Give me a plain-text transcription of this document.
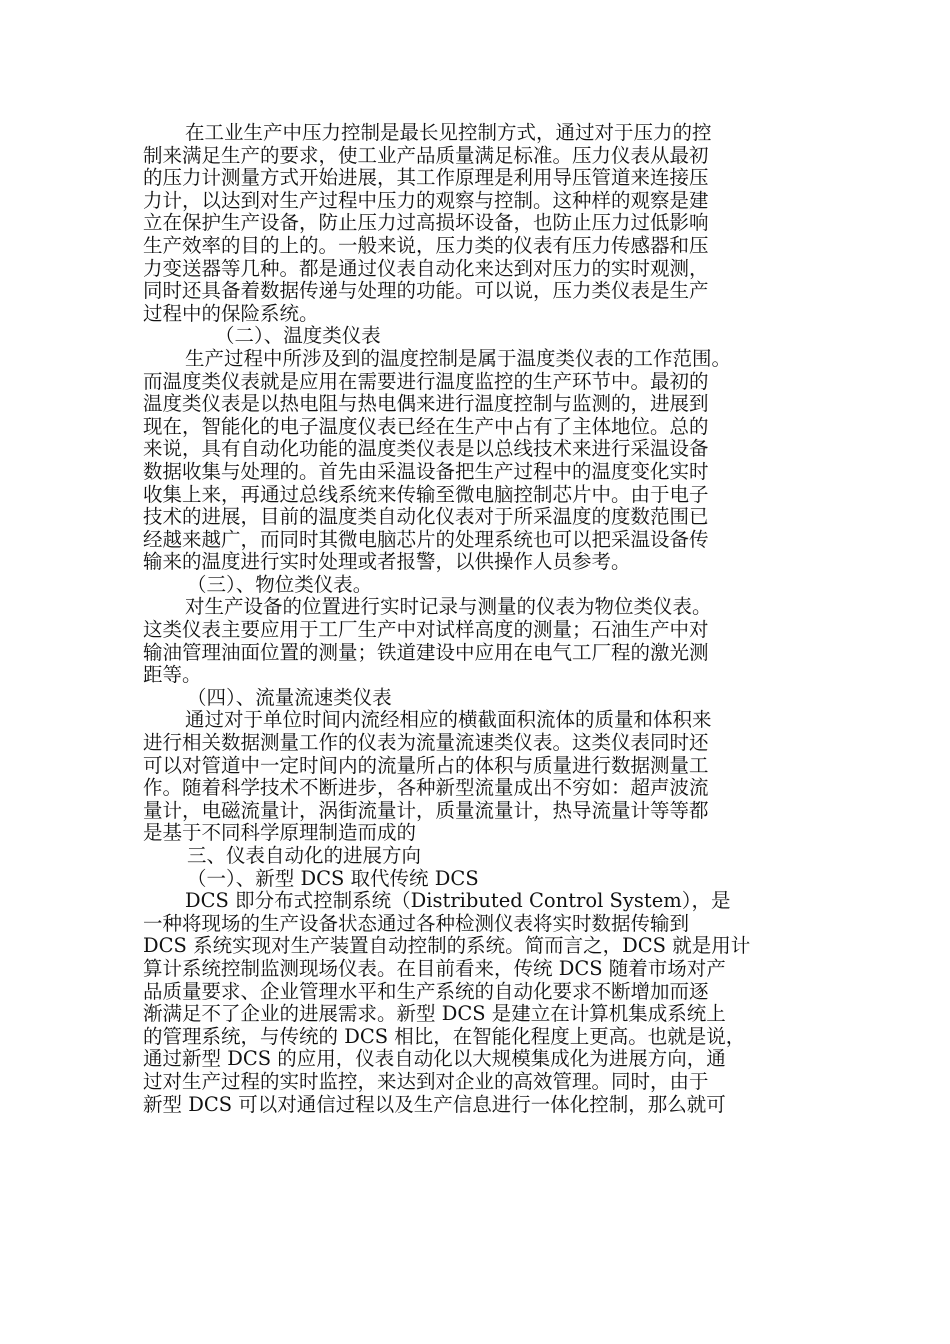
在工业生产中压力控制是最长见控制方式，通过对于压力的控
制来满足生产的要求，使工业产品质量满足标准。压力仪表从最初
的压力计测量方式开始进展，其工作原理是利用导压管道来连接压
力计，以达到对生产过程中压力的观察与控制。这种样的观察是建
立在保护生产设备，防止压力过高损坏设备，也防止压力过低影响
生产效率的目的上的。一般来说，压力类的仪表有压力传感器和压
力变送器等几种。都是通过仪表自动化来达到对压力的实时观测，
同时还具备着数据传递与处理的功能。可以说，压力类仪表是生产
过程中的保险系统。
（二）、温度类仪表
生产过程中所涉及到的温度控制是属于温度类仪表的工作范围。
而温度类仪表就是应用在需要进行温度监控的生产环节中。最初的
温度类仪表是以热电阻与热电偶来进行温度控制与监测的，进展到
现在，智能化的电子温度仪表已经在生产中占有了主体地位。总的
来说，具有自动化功能的温度类仪表是以总线技术来进行采温设备
数据收集与处理的。首先由采温设备把生产过程中的温度变化实时
收集上来，再通过总线系统来传输至微电脑控制芯片中。由于电子
技术的进展，目前的温度类自动化仪表对于所采温度的度数范围已
经越来越广，而同时其微电脑芯片的处理系统也可以把采温设备传
输来的温度进行实时处理或者报警，以供操作人员参考。
（三）、物位类仪表。
对生产设备的位置进行实时记录与测量的仪表为物位类仪表。
这类仪表主要应用于工厂生产中对试样高度的测量；石油生产中对
输油管理油面位置的测量；铁道建设中应用在电气工厂程的激光测
距等。
（四）、流量流速类仪表
通过对于单位时间内流经相应的横截面积流体的质量和体积来
进行相关数据测量工作的仪表为流量流速类仪表。这类仪表同时还
可以对管道中一定时间内的流量所占的体积与质量进行数据测量工
作。随着科学技术不断进步，各种新型流量成出不穷如：超声波流
量计，电磁流量计，涡街流量计，质量流量计，热导流量计等等都
是基于不同科学原理制造而成的
三、仪表自动化的进展方向
（一）、新型 DCS 取代传统 DCS
DCS 即分布式控制系统（Distributed Control System），是
一种将现场的生产设备状态通过各种检测仪表将实时数据传输到
DCS 系统实现对生产装置自动控制的系统。简而言之，DCS 就是用计
算计系统控制监测现场仪表。在目前看来，传统 DCS 随着市场对产
品质量要求、企业管理水平和生产系统的自动化要求不断增加而逐
渐满足不了企业的进展需求。新型 DCS 是建立在计算机集成系统上
的管理系统，与传统的 DCS 相比，在智能化程度上更高。也就是说，
通过新型 DCS 的应用，仪表自动化以大规模集成化为进展方向，通
过对生产过程的实时监控，来达到对企业的高效管理。同时，由于
新型 DCS 可以对通信过程以及生产信息进行一体化控制，那么就可
